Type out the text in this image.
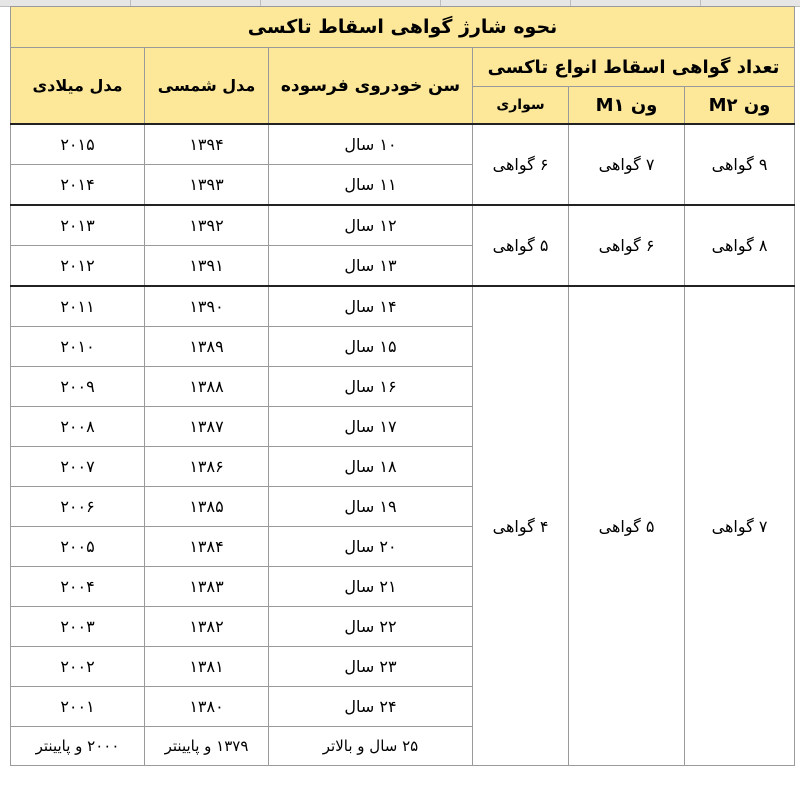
نحوه شارژ گواهی اسقاط تاکسی					
تعداد گواهی اسقاط انواع تاکسی			سن خودروی فرسوده	مدل شمسی	مدل میلادی
ون M۲	ون M۱	سواری			
۹ گواهی	۷ گواهی	۶ گواهی	۱۰ سال	۱۳۹۴	۲۰۱۵
			۱۱ سال	۱۳۹۳	۲۰۱۴
۸ گواهی	۶ گواهی	۵ گواهی	۱۲ سال	۱۳۹۲	۲۰۱۳
			۱۳ سال	۱۳۹۱	۲۰۱۲
۷ گواهی	۵ گواهی	۴ گواهی	۱۴ سال	۱۳۹۰	۲۰۱۱
			۱۵ سال	۱۳۸۹	۲۰۱۰
			۱۶ سال	۱۳۸۸	۲۰۰۹
			۱۷ سال	۱۳۸۷	۲۰۰۸
			۱۸ سال	۱۳۸۶	۲۰۰۷
			۱۹ سال	۱۳۸۵	۲۰۰۶
			۲۰ سال	۱۳۸۴	۲۰۰۵
			۲۱ سال	۱۳۸۳	۲۰۰۴
			۲۲ سال	۱۳۸۲	۲۰۰۳
			۲۳ سال	۱۳۸۱	۲۰۰۲
			۲۴ سال	۱۳۸۰	۲۰۰۱
			۲۵ سال و بالاتر	۱۳۷۹ و پایینتر	۲۰۰۰ و پایینتر
